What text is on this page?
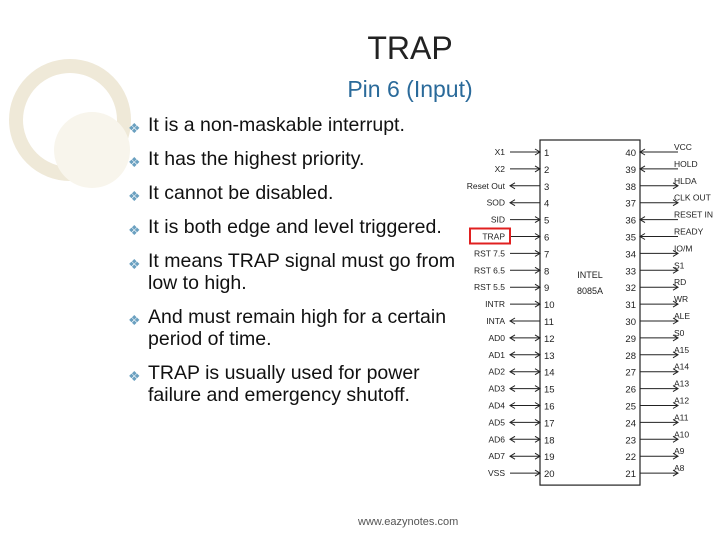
TRAP
Pin 6 (Input)
❖ It is a non-maskable interrupt.
❖ It has the highest priority.
❖ It cannot be disabled.
❖ It is both edge and level triggered.
❖ It means TRAP signal must go from low to high.
❖ And must remain high for a certain period of time.
❖ TRAP is usually used for power failure and emergency shutoff.
INTEL
8085A
1
X1
2
X2
3
Reset Out
4
SOD
5
SID
6
TRAP
7
RST 7.5
8
RST 6.5
9
RST 5.5
10
INTR
11
INTA
12
AD0
13
AD1
14
AD2
15
AD3
16
AD4
17
AD5
18
AD6
19
AD7
20
VSS
40
VCC
39
HOLD
38
HLDA
37
CLK OUT
36
RESET IN
35
READY
34
IO/M
33
S1
32
RD
31
WR
30
ALE
29
S0
28
A15
27
A14
26
A13
25
A12
24
A11
23
A10
22
A9
21
A8
www.eazynotes.com
